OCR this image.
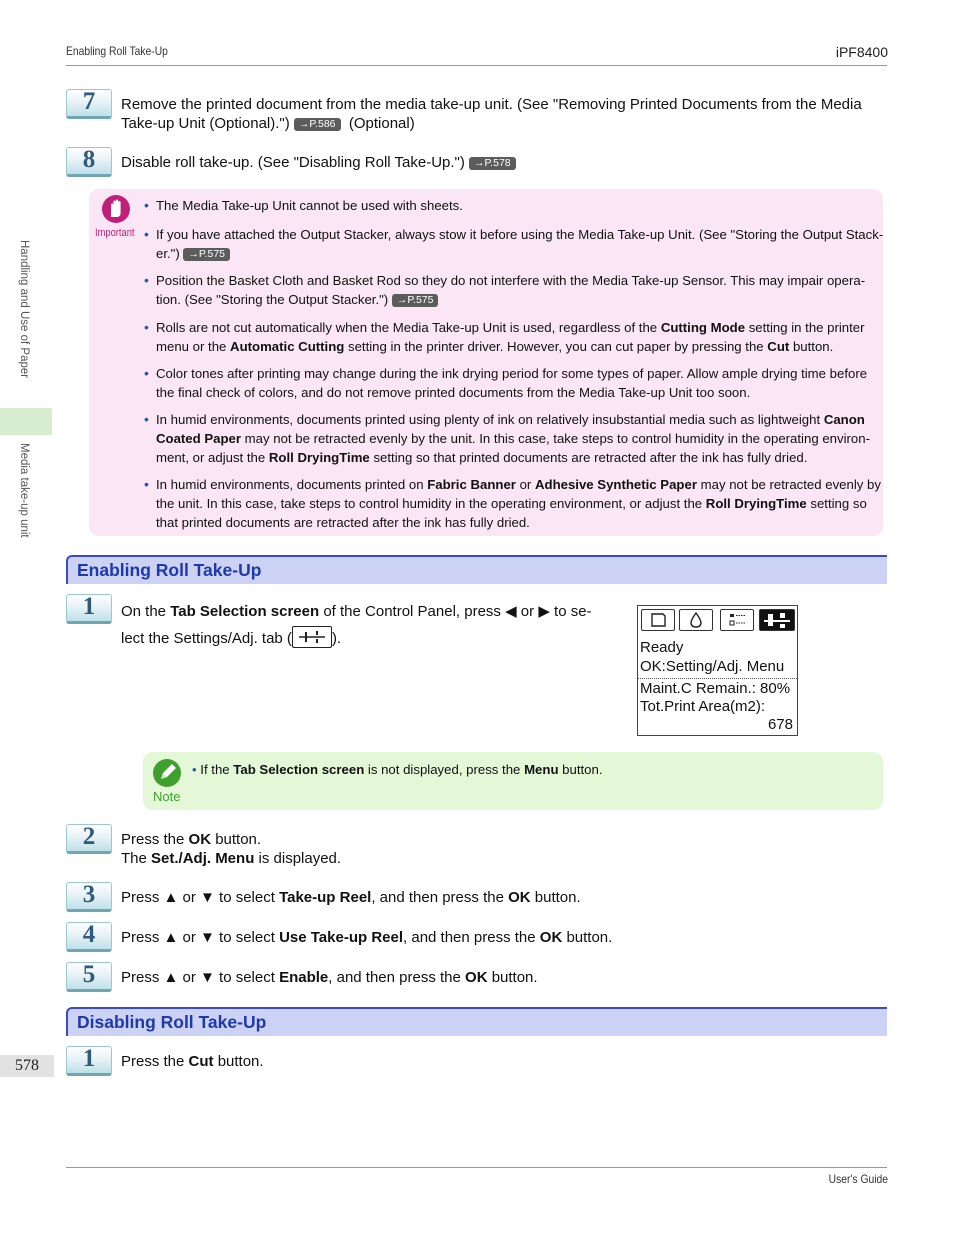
Enabling Roll Take-Up	iPF8400
Handling and Use of Paper
Media take-up unit
578
7	Remove the printed document from the media take-up unit. (See "Removing Printed Documents from the Media
Take-up Unit (Optional).") →P.586 (Optional)
8	Disable roll take-up. (See "Disabling Roll Take-Up.") →P.578
Important
• The Media Take-up Unit cannot be used with sheets.
• If you have attached the Output Stacker, always stow it before using the Media Take-up Unit. (See "Storing the Output Stack-
er.") →P.575
• Position the Basket Cloth and Basket Rod so they do not interfere with the Media Take-up Sensor. This may impair opera-
tion. (See "Storing the Output Stacker.") →P.575
• Rolls are not cut automatically when the Media Take-up Unit is used, regardless of the Cutting Mode setting in the printer
menu or the Automatic Cutting setting in the printer driver. However, you can cut paper by pressing the Cut button.
• Color tones after printing may change during the ink drying period for some types of paper. Allow ample drying time before
the final check of colors, and do not remove printed documents from the Media Take-up Unit too soon.
• In humid environments, documents printed using plenty of ink on relatively insubstantial media such as lightweight Canon
Coated Paper may not be retracted evenly by the unit. In this case, take steps to control humidity in the operating environ-
ment, or adjust the Roll DryingTime setting so that printed documents are retracted after the ink has fully dried.
• In humid environments, documents printed on Fabric Banner or Adhesive Synthetic Paper may not be retracted evenly by
the unit. In this case, take steps to control humidity in the operating environment, or adjust the Roll DryingTime setting so
that printed documents are retracted after the ink has fully dried.
Enabling Roll Take-Up
1	On the Tab Selection screen of the Control Panel, press ◀ or ▶ to se-
lect the Settings/Adj. tab (	).
Ready
OK:Setting/Adj. Menu
Maint.C Remain.: 80%
Tot.Print Area(m2):
678
Note
• If the Tab Selection screen is not displayed, press the Menu button.
2	Press the OK button.
The Set./Adj. Menu is displayed.
3	Press ▲ or ▼ to select Take-up Reel, and then press the OK button.
4	Press ▲ or ▼ to select Use Take-up Reel, and then press the OK button.
5	Press ▲ or ▼ to select Enable, and then press the OK button.
Disabling Roll Take-Up
1	Press the Cut button.
User's Guide
